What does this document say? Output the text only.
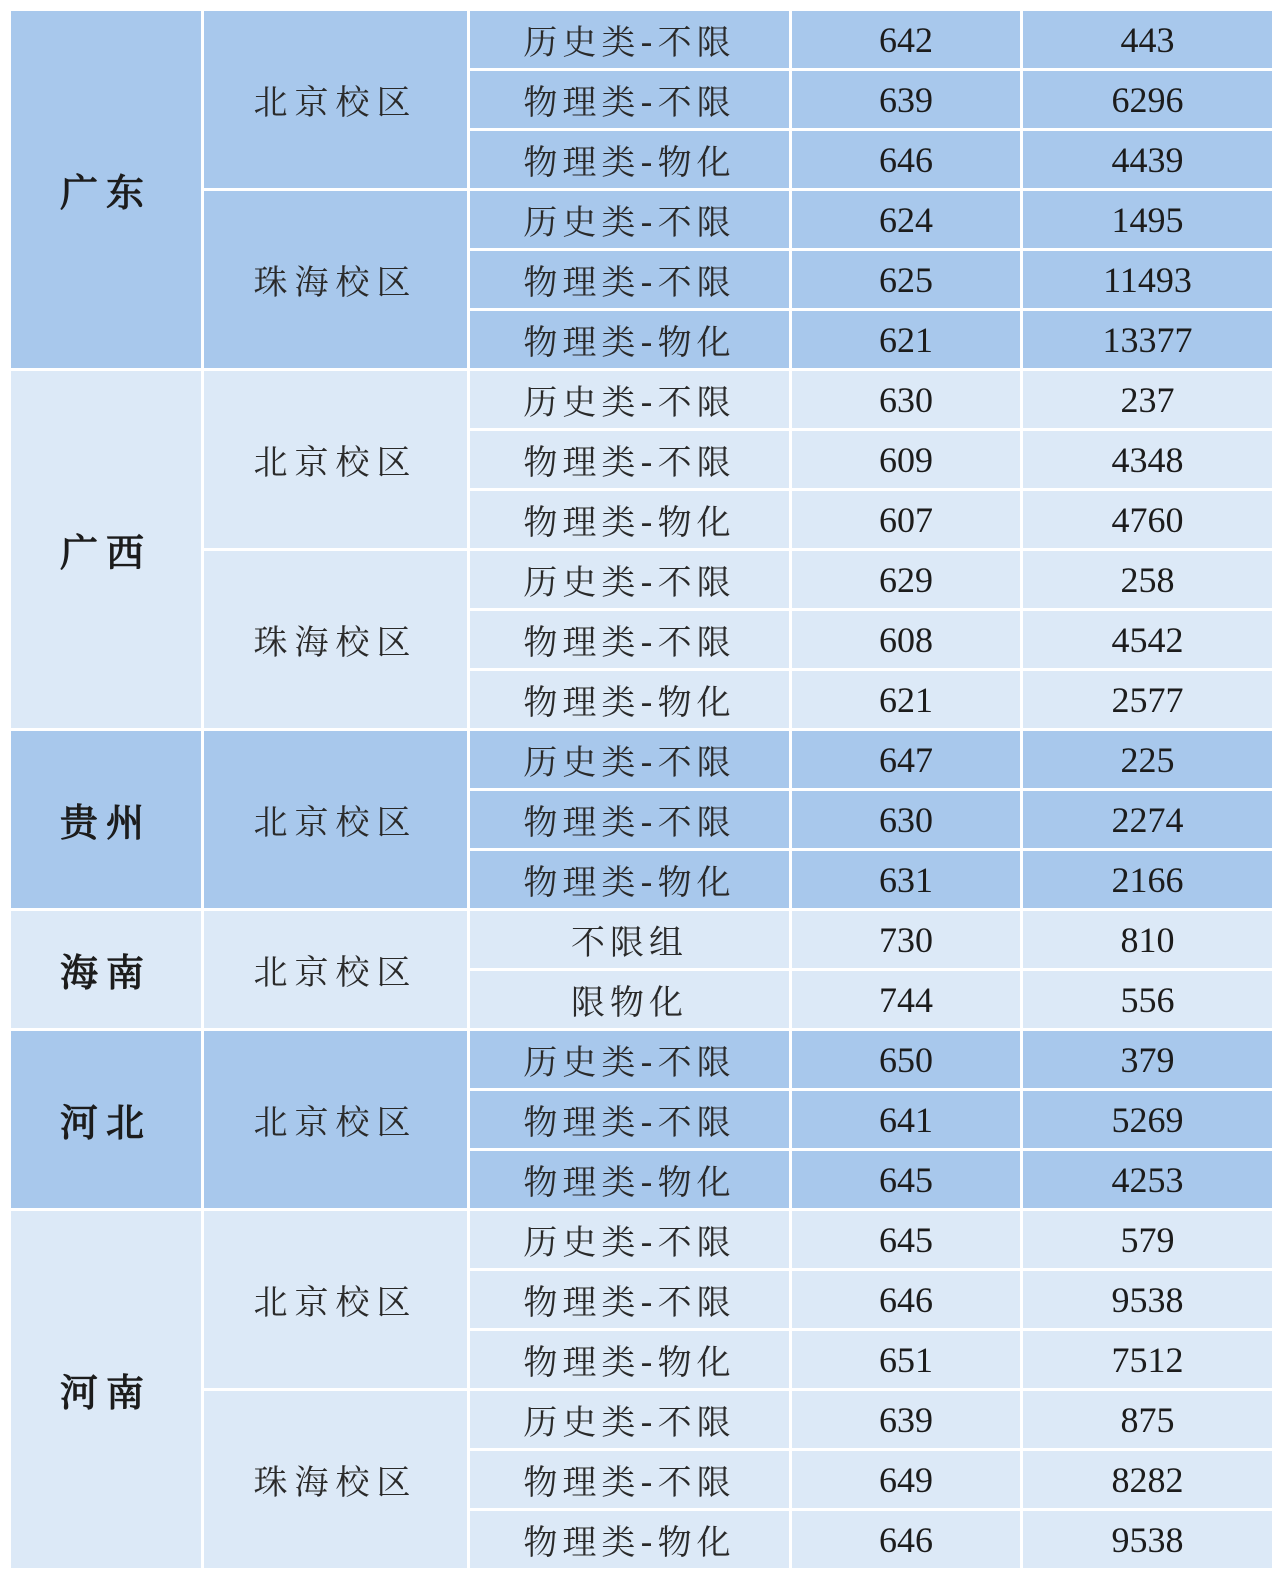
广东	北京校区	历史类-不限	642	443
		物理类-不限	639	6296
		物理类-物化	646	4439
	珠海校区	历史类-不限	624	1495
		物理类-不限	625	11493
		物理类-物化	621	13377
广西	北京校区	历史类-不限	630	237
		物理类-不限	609	4348
		物理类-物化	607	4760
	珠海校区	历史类-不限	629	258
		物理类-不限	608	4542
		物理类-物化	621	2577
贵州	北京校区	历史类-不限	647	225
		物理类-不限	630	2274
		物理类-物化	631	2166
海南	北京校区	不限组	730	810
		限物化	744	556
河北	北京校区	历史类-不限	650	379
		物理类-不限	641	5269
		物理类-物化	645	4253
河南	北京校区	历史类-不限	645	579
		物理类-不限	646	9538
		物理类-物化	651	7512
	珠海校区	历史类-不限	639	875
		物理类-不限	649	8282
		物理类-物化	646	9538
